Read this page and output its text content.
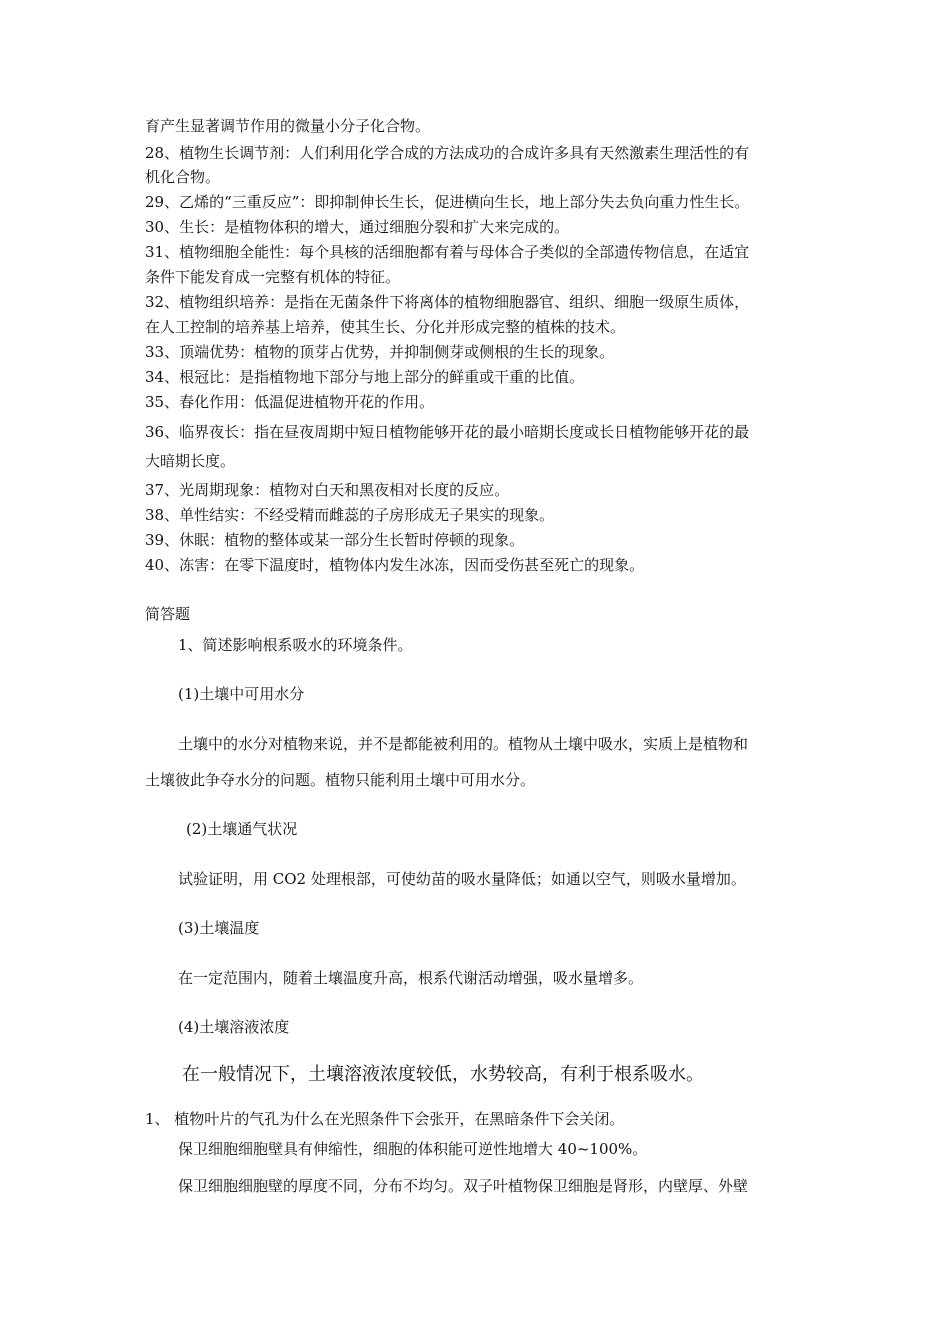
育产生显著调节作用的微量小分子化合物。

28、植物生长调节剂：人们利用化学合成的方法成功的合成许多具有天然激素生理活性的有

机化合物。

29、乙烯的“三重反应”：即抑制伸长生长，促进横向生长，地上部分失去负向重力性生长。

30、生长：是植物体积的增大，通过细胞分裂和扩大来完成的。

31、植物细胞全能性：每个具核的活细胞都有着与母体合子类似的全部遗传物信息，在适宜

条件下能发育成一完整有机体的特征。

32、植物组织培养：是指在无菌条件下将离体的植物细胞器官、组织、细胞一级原生质体，

在人工控制的培养基上培养，使其生长、分化并形成完整的植株的技术。

33、顶端优势：植物的顶芽占优势，并抑制侧芽或侧根的生长的现象。

34、根冠比：是指植物地下部分与地上部分的鲜重或干重的比值。

35、春化作用：低温促进植物开花的作用。

36、临界夜长：指在昼夜周期中短日植物能够开花的最小暗期长度或长日植物能够开花的最

大暗期长度。

37、光周期现象：植物对白天和黑夜相对长度的反应。

38、单性结实：不经受精而雌蕊的子房形成无子果实的现象。

39、休眠：植物的整体或某一部分生长暂时停顿的现象。

40、冻害：在零下温度时，植物体内发生冰冻，因而受伤甚至死亡的现象。

简答题

1、简述影响根系吸水的环境条件。

(1)土壤中可用水分

土壤中的水分对植物来说，并不是都能被利用的。植物从土壤中吸水，实质上是植物和

土壤彼此争夺水分的问题。植物只能利用土壤中可用水分。

(2)土壤通气状况

试验证明，用 CO2 处理根部，可使幼苗的吸水量降低；如通以空气，则吸水量增加。

(3)土壤温度

在一定范围内，随着土壤温度升高，根系代谢活动增强，吸水量增多。

(4)土壤溶液浓度

在一般情况下，土壤溶液浓度较低，水势较高，有利于根系吸水。

1、 植物叶片的气孔为什么在光照条件下会张开，在黑暗条件下会关闭。

保卫细胞细胞壁具有伸缩性，细胞的体积能可逆性地增大 40~100%。

保卫细胞细胞壁的厚度不同，分布不均匀。双子叶植物保卫细胞是肾形，内壁厚、外壁
